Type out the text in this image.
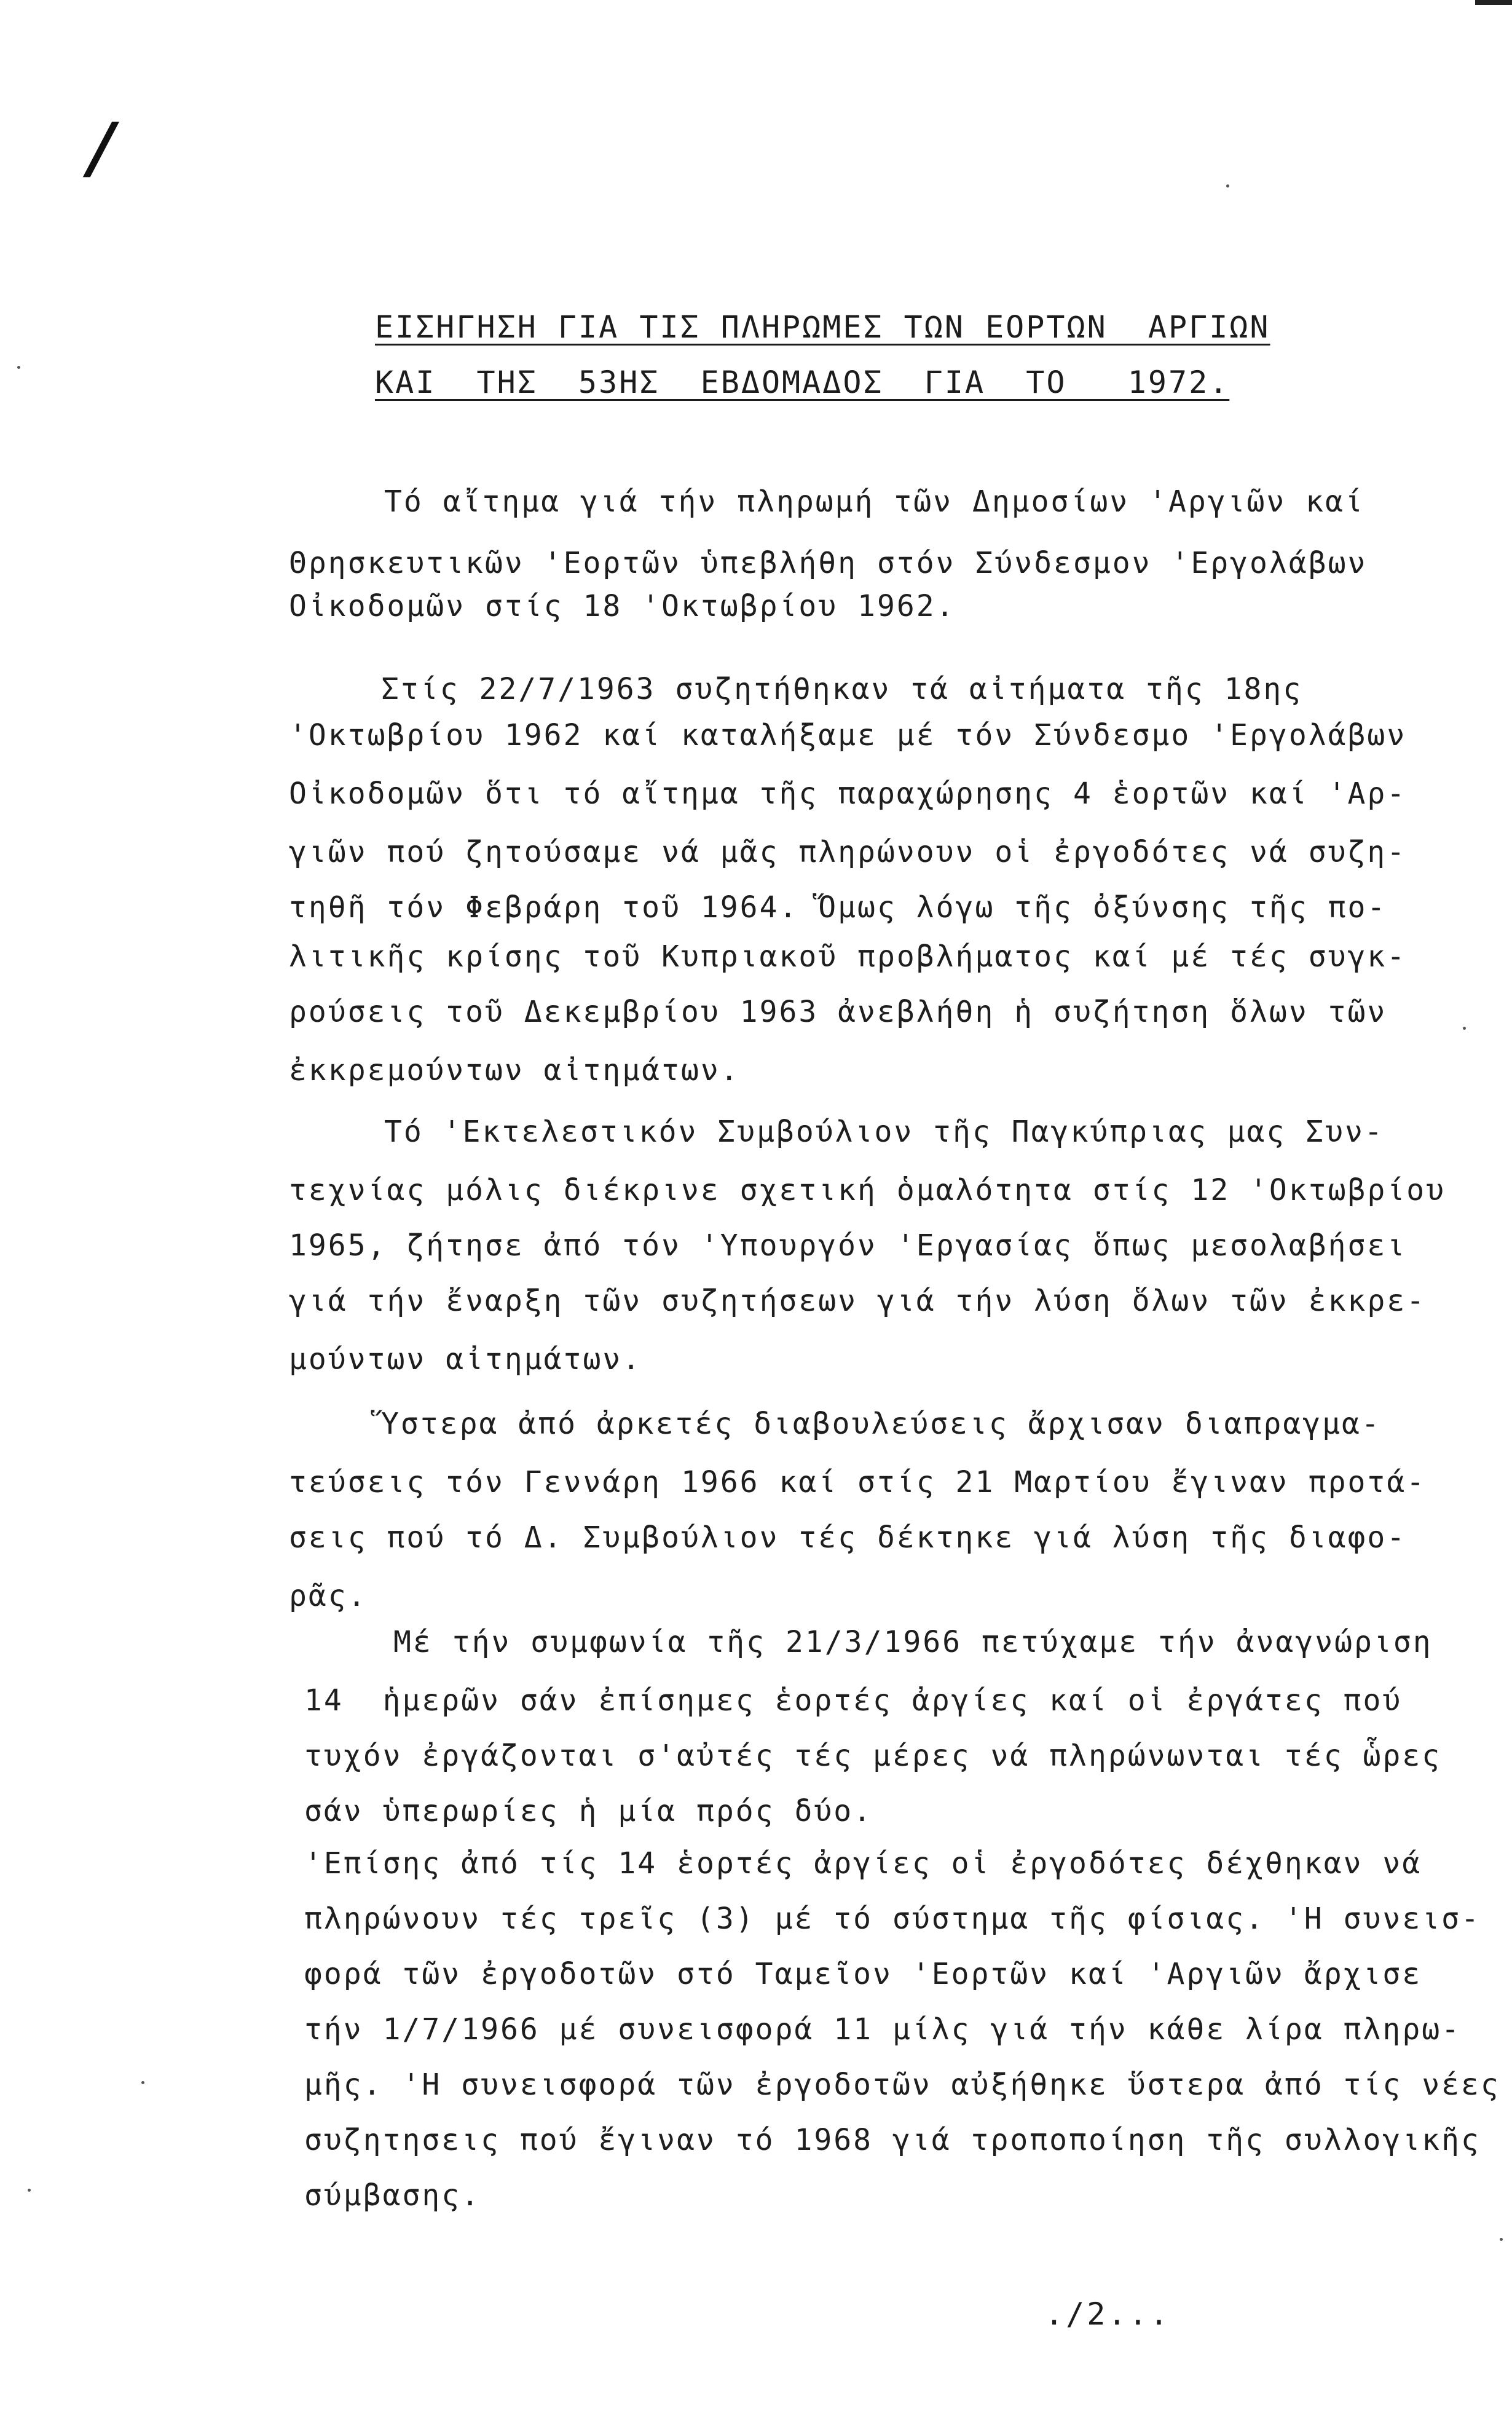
/
ΕΙΣΗΓΗΣΗ ΓΙΑ ΤΙΣ ΠΛΗΡΩΜΕΣ ΤΩΝ ΕΟΡΤΩΝ  ΑΡΓΙΩΝ
ΚΑΙ  ΤΗΣ  53ΗΣ  ΕΒΔΟΜΑΔΟΣ  ΓΙΑ  ΤΟ   1972.
Τό αἴτημα γιά τήν πληρωμή τῶν Δημοσίων 'Αργιῶν καί
Θρησκευτικῶν 'Εορτῶν ὑπεβλήθη στόν Σύνδεσμον 'Εργολάβων
Οἰκοδομῶν στίς 18 'Οκτωβρίου 1962.
Στίς 22/7/1963 συζητήθηκαν τά αἰτήματα τῆς 18ης
'Οκτωβρίου 1962 καί καταλήξαμε μέ τόν Σύνδεσμο 'Εργολάβων
Οἰκοδομῶν ὅτι τό αἴτημα τῆς παραχώρησης 4 ἑορτῶν καί 'Αρ-
γιῶν πού ζητούσαμε νά μᾶς πληρώνουν οἱ ἐργοδότες νά συζη-
τηθῆ τόν Φεβράρη τοῦ 1964. Ὅμως λόγω τῆς ὀξύνσης τῆς πο-
λιτικῆς κρίσης τοῦ Κυπριακοῦ προβλήματος καί μέ τές συγκ-
ρούσεις τοῦ Δεκεμβρίου 1963 ἀνεβλήθη ἡ συζήτηση ὅλων τῶν
ἐκκρεμούντων αἰτημάτων.
Τό 'Εκτελεστικόν Συμβούλιον τῆς Παγκύπριας μας Συν-
τεχνίας μόλις διέκρινε σχετική ὁμαλότητα στίς 12 'Οκτωβρίου
1965, ζήτησε ἀπό τόν 'Υπουργόν 'Εργασίας ὅπως μεσολαβήσει
γιά τήν ἔναρξη τῶν συζητήσεων γιά τήν λύση ὅλων τῶν ἐκκρε-
μούντων αἰτημάτων.
Ὕστερα ἀπό ἀρκετές διαβουλεύσεις ἄρχισαν διαπραγμα-
τεύσεις τόν Γεννάρη 1966 καί στίς 21 Μαρτίου ἔγιναν προτά-
σεις πού τό Δ. Συμβούλιον τές δέκτηκε γιά λύση τῆς διαφο-
ρᾶς.
Μέ τήν συμφωνία τῆς 21/3/1966 πετύχαμε τήν ἀναγνώριση
14  ἡμερῶν σάν ἐπίσημες ἑορτές ἀργίες καί οἱ ἐργάτες πού
τυχόν ἐργάζονται σ'αὐτές τές μέρες νά πληρώνωνται τές ὧρες
σάν ὑπερωρίες ἡ μία πρός δύο.
'Επίσης ἀπό τίς 14 ἑορτές ἀργίες οἱ ἐργοδότες δέχθηκαν νά
πληρώνουν τές τρεῖς (3) μέ τό σύστημα τῆς φίσιας. 'Η συνεισ-
φορά τῶν ἐργοδοτῶν στό Ταμεῖον 'Εορτῶν καί 'Αργιῶν ἄρχισε
τήν 1/7/1966 μέ συνεισφορά 11 μίλς γιά τήν κάθε λίρα πληρω-
μῆς. 'Η συνεισφορά τῶν ἐργοδοτῶν αὐξήθηκε ὕστερα ἀπό τίς νέες
συζητησεις πού ἔγιναν τό 1968 γιά τροποποίηση τῆς συλλογικῆς
σύμβασης.
./2...
